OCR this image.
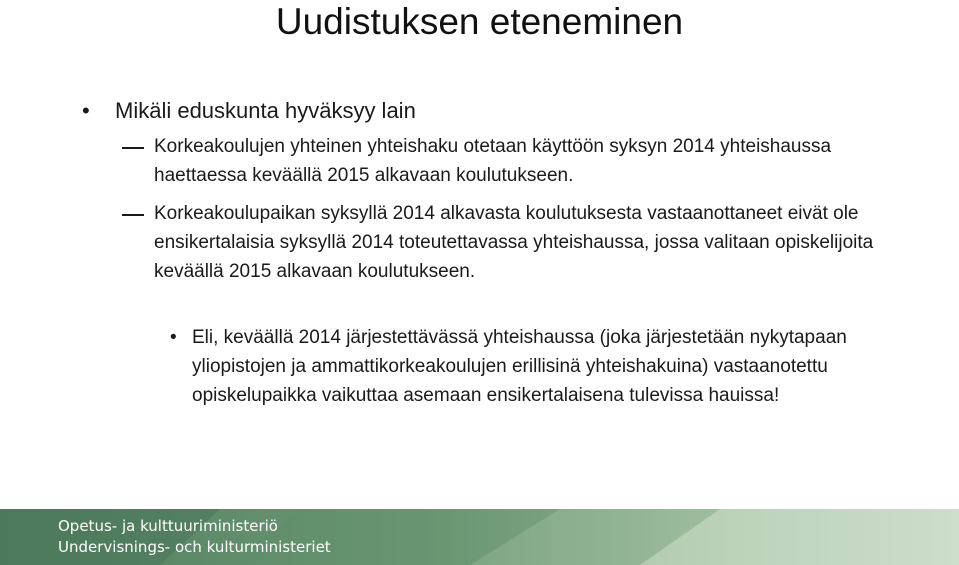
Uudistuksen eteneminen
• Mikäli eduskunta hyväksyy lain
Korkeakoulujen yhteinen yhteishaku otetaan käyttöön syksyn 2014 yhteishaussa haettaessa keväällä 2015 alkavaan koulutukseen.
Korkeakoulupaikan syksyllä 2014 alkavasta koulutuksesta vastaanottaneet eivät ole ensikertalaisia syksyllä 2014 toteutettavassa yhteishaussa, jossa valitaan opiskelijoita keväällä 2015 alkavaan koulutukseen.
• Eli, keväällä 2014 järjestettävässä yhteishaussa (joka järjestetään nykytapaan yliopistojen ja ammattikorkeakoulujen erillisinä yhteishakuina) vastaanotettu opiskelupaikka vaikuttaa asemaan ensikertalaisena tulevissa hauissa!
Opetus- ja kulttuuriministeriö
Undervisnings- och kulturministeriet
